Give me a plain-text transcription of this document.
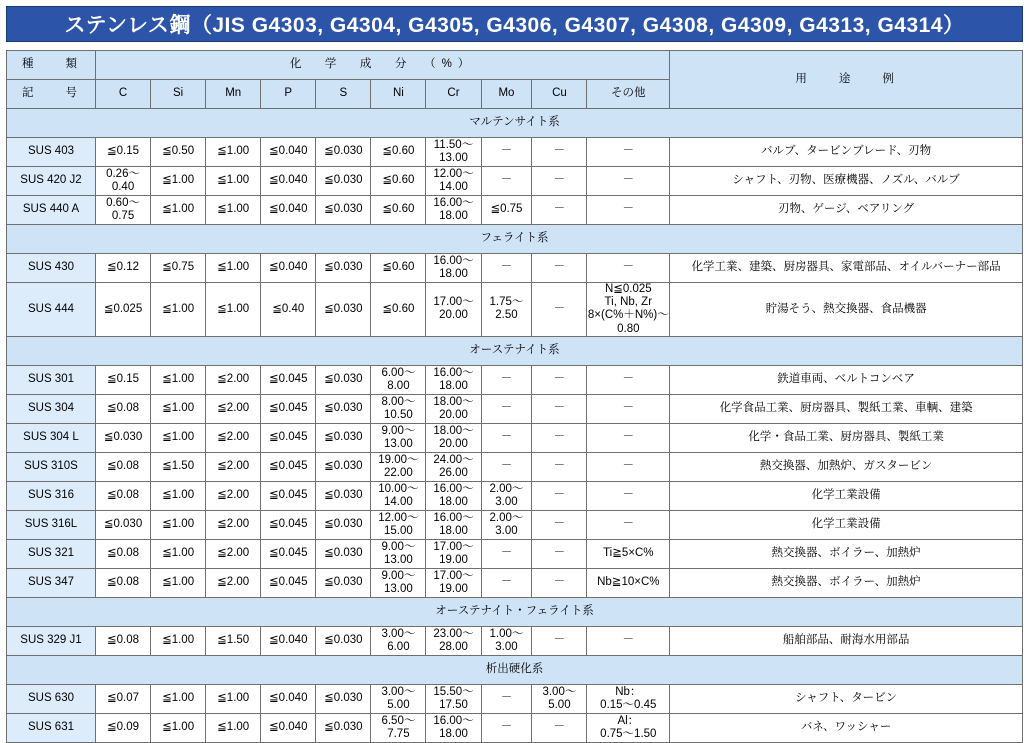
ステンレス鋼（JIS G4303, G4304, G4305, G4306, G4307, G4308, G4309, G4313, G4314）
種　　類	化　学　成　分　（%）										用　　途　　例
記　　号	C	Si	Mn	P	S	Ni	Cr	Mo	Cu	その他	
マルテンサイト系											
SUS 403	≦0.15	≦0.50	≦1.00	≦0.040	≦0.030	≦0.60	11.50～
13.00	－	－	－	バルブ、タービンブレード、刃物
SUS 420 J2	0.26～
0.40	≦1.00	≦1.00	≦0.040	≦0.030	≦0.60	12.00～
14.00	－	－	－	シャフト、刃物、医療機器、ノズル、バルブ
SUS 440 A	0.60～
0.75	≦1.00	≦1.00	≦0.040	≦0.030	≦0.60	16.00～
18.00	≦0.75	－	－	刃物、ゲージ、ベアリング
フェライト系											
SUS 430	≦0.12	≦0.75	≦1.00	≦0.040	≦0.030	≦0.60	16.00～
18.00	－	－	－	化学工業、建築、厨房器具、家電部品、オイルバーナー部品
SUS 444	≦0.025	≦1.00	≦1.00	≦0.40	≦0.030	≦0.60	17.00～
20.00	1.75～
2.50	－	N≦0.025
Ti, Nb, Zr
8×(C%＋N%)～0.80	貯湯そう、熱交換器、食品機器
オーステナイト系											
SUS 301	≦0.15	≦1.00	≦2.00	≦0.045	≦0.030	6.00～
8.00	16.00～
18.00	－	－	－	鉄道車両、ベルトコンベア
SUS 304	≦0.08	≦1.00	≦2.00	≦0.045	≦0.030	8.00～
10.50	18.00～
20.00	－	－	－	化学食品工業、厨房器具、製紙工業、車輌、建築
SUS 304 L	≦0.030	≦1.00	≦2.00	≦0.045	≦0.030	9.00～
13.00	18.00～
20.00	－	－	－	化学・食品工業、厨房器具、製紙工業
SUS 310S	≦0.08	≦1.50	≦2.00	≦0.045	≦0.030	19.00～
22.00	24.00～
26.00	－	－	－	熱交換器、加熱炉、ガスタービン
SUS 316	≦0.08	≦1.00	≦2.00	≦0.045	≦0.030	10.00～
14.00	16.00～
18.00	2.00～
3.00	－	－	化学工業設備
SUS 316L	≦0.030	≦1.00	≦2.00	≦0.045	≦0.030	12.00～
15.00	16.00～
18.00	2.00～
3.00	－	－	化学工業設備
SUS 321	≦0.08	≦1.00	≦2.00	≦0.045	≦0.030	9.00～
13.00	17.00～
19.00	－	－	Ti≧5×C%	熱交換器、ボイラー、加熱炉
SUS 347	≦0.08	≦1.00	≦2.00	≦0.045	≦0.030	9.00～
13.00	17.00～
19.00	－	－	Nb≧10×C%	熱交換器、ボイラー、加熱炉
オーステナイト・フェライト系											
SUS 329 J1	≦0.08	≦1.00	≦1.50	≦0.040	≦0.030	3.00～
6.00	23.00～
28.00	1.00～
3.00	－	－	船舶部品、耐海水用部品
析出硬化系											
SUS 630	≦0.07	≦1.00	≦1.00	≦0.040	≦0.030	3.00～
5.00	15.50～
17.50	－	3.00～
5.00	Nb：
0.15～0.45	シャフト、タービン
SUS 631	≦0.09	≦1.00	≦1.00	≦0.040	≦0.030	6.50～
7.75	16.00～
18.00	－	－	Al：
0.75～1.50	バネ、ワッシャー
